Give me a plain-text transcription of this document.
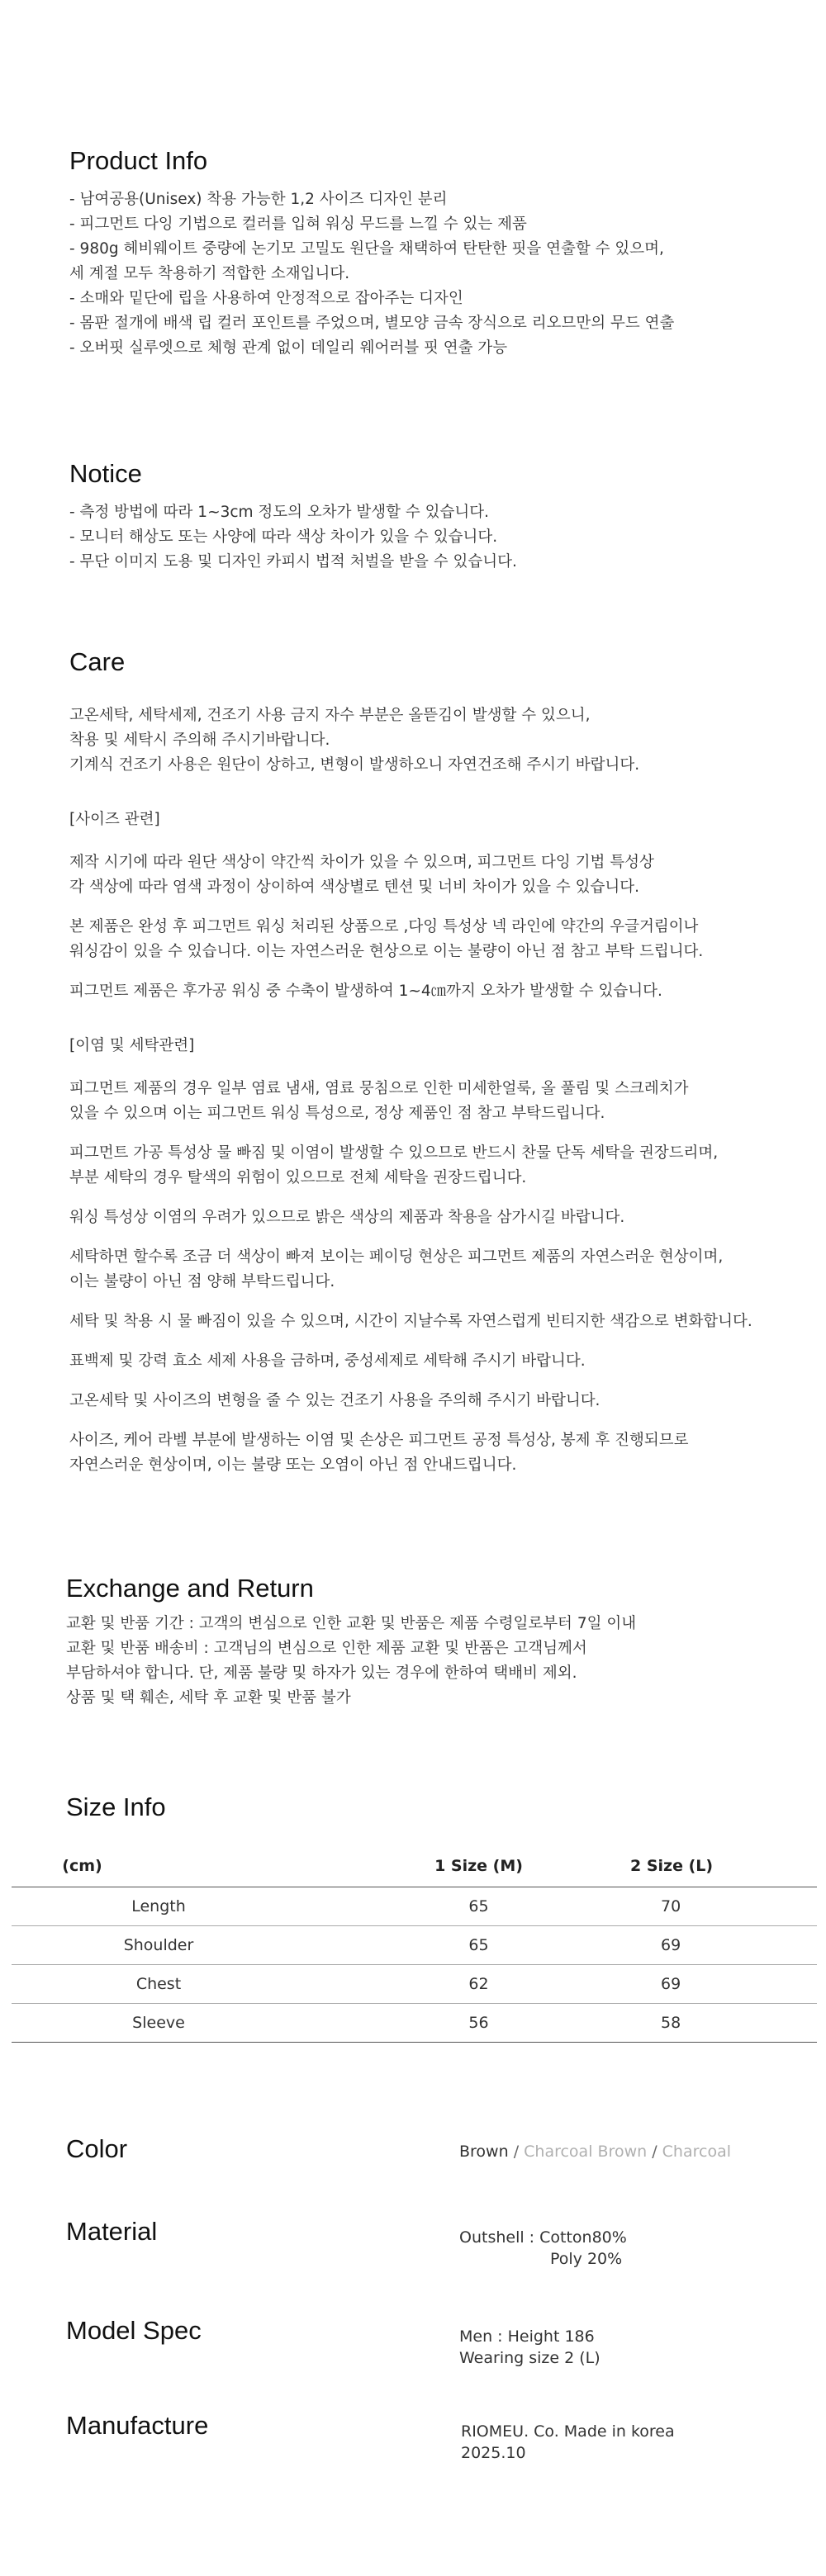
Product Info
- 남여공용(Unisex) 착용 가능한 1,2 사이즈 디자인 분리
- 피그먼트 다잉 기법으로 컬러를 입혀 워싱 무드를 느낄 수 있는 제품
- 980g 헤비웨이트 중량에 논기모 고밀도 원단을 채택하여 탄탄한 핏을 연출할 수 있으며,
세 계절 모두 착용하기 적합한 소재입니다.
- 소매와 밑단에 립을 사용하여 안정적으로 잡아주는 디자인
- 몸판 절개에 배색 립 컬러 포인트를 주었으며, 별모양 금속 장식으로 리오므만의 무드 연출
- 오버핏 실루엣으로 체형 관계 없이 데일리 웨어러블 핏 연출 가능
Notice
- 측정 방법에 따라 1~3cm 정도의 오차가 발생할 수 있습니다.
- 모니터 해상도 또는 사양에 따라 색상 차이가 있을 수 있습니다.
- 무단 이미지 도용 및 디자인 카피시 법적 처벌을 받을 수 있습니다.
Care
고온세탁, 세탁세제, 건조기 사용 금지 자수 부분은 올뜯김이 발생할 수 있으니,
착용 및 세탁시 주의해 주시기바랍니다.
기계식 건조기 사용은 원단이 상하고, 변형이 발생하오니 자연건조해 주시기 바랍니다.
[사이즈 관련]
제작 시기에 따라 원단 색상이 약간씩 차이가 있을 수 있으며, 피그먼트 다잉 기법 특성상
각 색상에 따라 염색 과정이 상이하여 색상별로 텐션 및 너비 차이가 있을 수 있습니다.
본 제품은 완성 후 피그먼트 워싱 처리된 상품으로 ,다잉 특성상 넥 라인에 약간의 우글거림이나
워싱감이 있을 수 있습니다. 이는 자연스러운 현상으로 이는 불량이 아닌 점 참고 부탁 드립니다.
피그먼트 제품은 후가공 워싱 중 수축이 발생하여 1~4㎝까지 오차가 발생할 수 있습니다.
[이염 및 세탁관련]
피그먼트 제품의 경우 일부 염료 냄새, 염료 뭉침으로 인한 미세한얼룩, 올 풀림 및 스크레치가
있을 수 있으며 이는 피그먼트 워싱 특성으로, 정상 제품인 점 참고 부탁드립니다.
피그먼트 가공 특성상 물 빠짐 및 이염이 발생할 수 있으므로 반드시 찬물 단독 세탁을 권장드리며,
부분 세탁의 경우 탈색의 위험이 있으므로 전체 세탁을 권장드립니다.
워싱 특성상 이염의 우려가 있으므로 밝은 색상의 제품과 착용을 삼가시길 바랍니다.
세탁하면 할수록 조금 더 색상이 빠져 보이는 페이딩 현상은 피그먼트 제품의 자연스러운 현상이며,
이는 불량이 아닌 점 양해 부탁드립니다.
세탁 및 착용 시 물 빠짐이 있을 수 있으며, 시간이 지날수록 자연스럽게 빈티지한 색감으로 변화합니다.
표백제 및 강력 효소 세제 사용을 금하며, 중성세제로 세탁해 주시기 바랍니다.
고온세탁 및 사이즈의 변형을 줄 수 있는 건조기 사용을 주의해 주시기 바랍니다.
사이즈, 케어 라벨 부분에 발생하는 이염 및 손상은 피그먼트 공정 특성상, 봉제 후 진행되므로
자연스러운 현상이며, 이는 불량 또는 오염이 아닌 점 안내드립니다.
Exchange and Return
교환 및 반품 기간 : 고객의 변심으로 인한 교환 및 반품은 제품 수령일로부터 7일 이내
교환 및 반품 배송비 : 고객님의 변심으로 인한 제품 교환 및 반품은 고객님께서
부담하셔야 합니다. 단, 제품 불량 및 하자가 있는 경우에 한하여 택배비 제외.
상품 및 택 훼손, 세탁 후 교환 및 반품 불가
Size Info
(cm)	1 Size (M)	2 Size (L)
Length	65	70
Shoulder	65	69
Chest	62	69
Sleeve	56	58
Color	Brown / Charcoal Brown / Charcoal
Material	Outshell : Cotton80%
Poly 20%
Model Spec	Men : Height 186
Wearing size 2 (L)
Manufacture	RIOMEU. Co. Made in korea
2025.10
